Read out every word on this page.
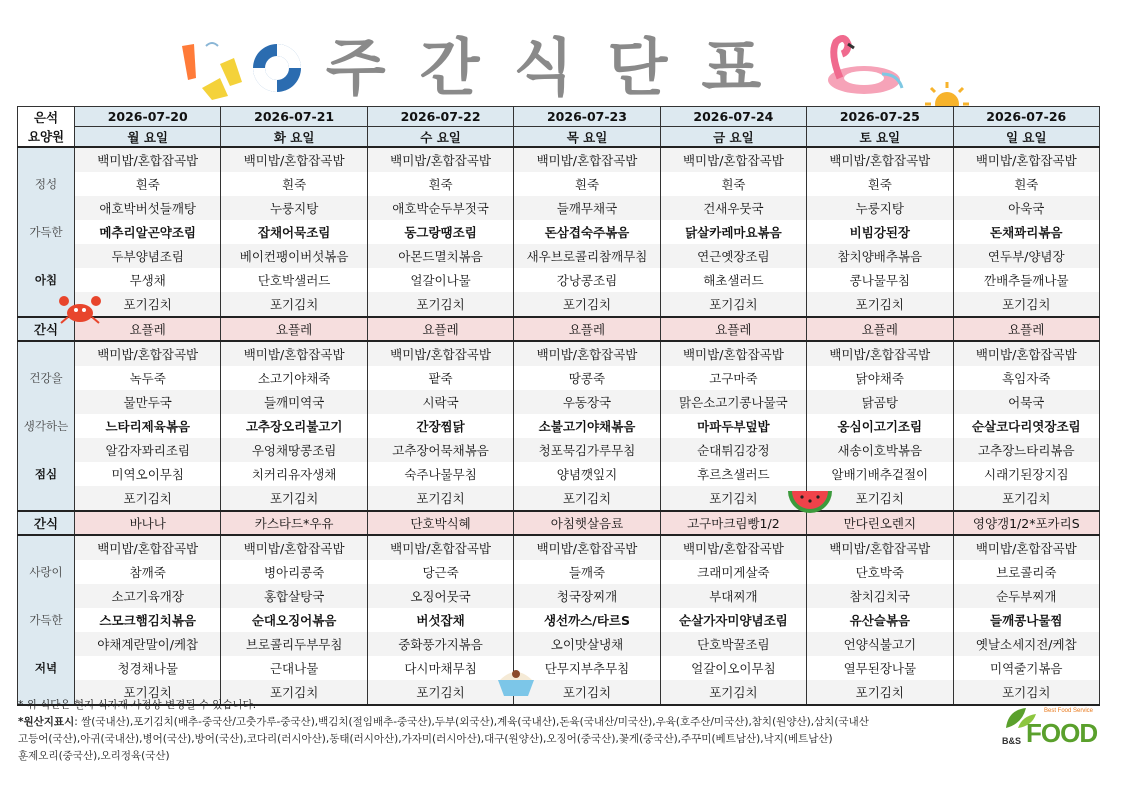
주간식단표
은석	2026-07-20	2026-07-21	2026-07-22	2026-07-23	2026-07-24	2026-07-25	2026-07-26
요양원	월 요일	화 요일	수 요일	목 요일	금 요일	토 요일	일 요일
	백미밥/혼합잡곡밥	백미밥/혼합잡곡밥	백미밥/혼합잡곡밥	백미밥/혼합잡곡밥	백미밥/혼합잡곡밥	백미밥/혼합잡곡밥	백미밥/혼합잡곡밥
정성	흰죽	흰죽	흰죽	흰죽	흰죽	흰죽	흰죽
	애호박버섯들깨탕	누룽지탕	애호박순두부젓국	들깨무채국	건새우뭇국	누룽지탕	아욱국
가득한	메추리알곤약조림	잡채어묵조림	동그랑땡조림	돈삼겹숙주볶음	닭살카레마요볶음	비빔강된장	돈채꽈리볶음
	두부양념조림	베이컨팽이버섯볶음	아몬드멸치볶음	새우브로콜리참깨무침	연근옛장조림	참치양배추볶음	연두부/양념장
아침	무생채	단호박샐러드	얼갈이나물	강낭콩조림	해초샐러드	콩나물무침	깐배추들깨나물
	포기김치	포기김치	포기김치	포기김치	포기김치	포기김치	포기김치
간식	요플레	요플레	요플레	요플레	요플레	요플레	요플레
	백미밥/혼합잡곡밥	백미밥/혼합잡곡밥	백미밥/혼합잡곡밥	백미밥/혼합잡곡밥	백미밥/혼합잡곡밥	백미밥/혼합잡곡밥	백미밥/혼합잡곡밥
건강을	녹두죽	소고기야채죽	팥죽	땅콩죽	고구마죽	닭야채죽	흑임자죽
	물만두국	들깨미역국	시락국	우동장국	맑은소고기콩나물국	닭곰탕	어묵국
생각하는	느타리제육볶음	고추장오리불고기	간장찜닭	소불고기야채볶음	마파두부덮밥	옹심이고기조림	순살코다리엿장조림
	알감자꽈리조림	우엉채땅콩조림	고추장어묵채볶음	청포묵김가루무침	순대튀김강정	새송이호박볶음	고추장느타리볶음
점심	미역오이무침	치커리유자생채	숙주나물무침	양념깻잎지	후르츠샐러드	알배기배추겉절이	시래기된장지짐
	포기김치	포기김치	포기김치	포기김치	포기김치	포기김치	포기김치
간식	바나나	카스타드*우유	단호박식혜	아침햇살음료	고구마크림빵1/2	만다린오렌지	영양갱1/2*포카리S
	백미밥/혼합잡곡밥	백미밥/혼합잡곡밥	백미밥/혼합잡곡밥	백미밥/혼합잡곡밥	백미밥/혼합잡곡밥	백미밥/혼합잡곡밥	백미밥/혼합잡곡밥
사랑이	참깨죽	병아리콩죽	당근죽	들깨죽	크래미게살죽	단호박죽	브로콜리죽
	소고기육개장	홍합살탕국	오징어뭇국	청국장찌개	부대찌개	참치김치국	순두부찌개
가득한	스모크햄김치볶음	순대오징어볶음	버섯잡채	생선까스/타르S	순살가자미양념조림	유산슬볶음	들깨콩나물찜
	야채계란말이/케찹	브로콜리두부무침	중화풍가지볶음	오이맛살냉채	단호박꿀조림	언양식불고기	옛날소세지전/케찹
저녁	청경채나물	근대나물	다시마채무침	단무지부추무침	얼갈이오이무침	열무된장나물	미역줄기볶음
	포기김치	포기김치	포기김치	포기김치	포기김치	포기김치	포기김치
* 위 식단은 현지 식자재 사정상 변경될 수 있습니다.
*원산지표시: 쌀(국내산),포기김치(배추-중국산/고춧가루-중국산),백김치(절임배추-중국산),두부(외국산),계육(국내산),돈육(국내산/미국산),우육(호주산/미국산),참치(원양산),삼치(국내산
고등어(국산),아귀(국내산),병어(국산),방어(국산),코다리(러시아산),동태(러시아산),가자미(러시아산),대구(원양산),오징어(중국산),꽃게(중국산),주꾸미(베트남산),낙지(베트남산)
훈제오리(중국산),오리정육(국산)
Best Food Service
B&S FOOD
